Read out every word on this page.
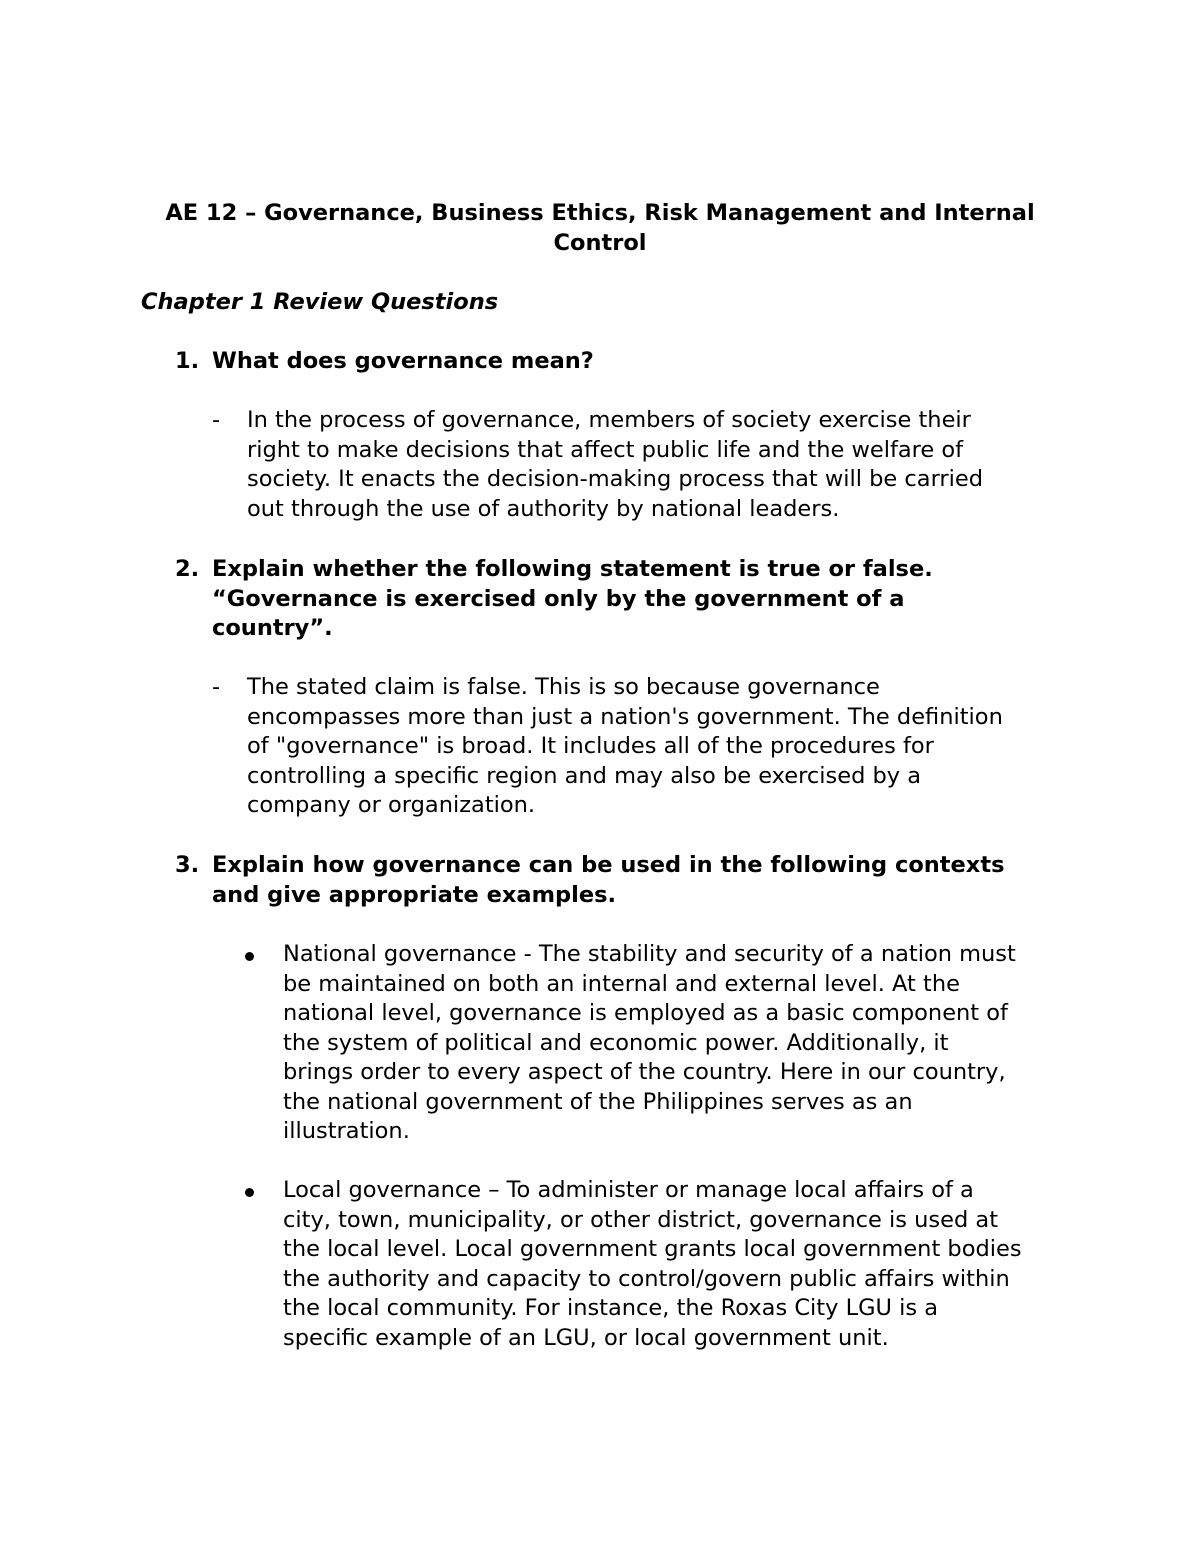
AE 12 – Governance, Business Ethics, Risk Management and Internal
Control
Chapter 1 Review Questions
1. What does governance mean?
- In the process of governance, members of society exercise their
right to make decisions that affect public life and the welfare of
society. It enacts the decision-making process that will be carried
out through the use of authority by national leaders.
2. Explain whether the following statement is true or false.
“Governance is exercised only by the government of a
country”.
- The stated claim is false. This is so because governance
encompasses more than just a nation's government. The definition
of "governance" is broad. It includes all of the procedures for
controlling a specific region and may also be exercised by a
company or organization.
3. Explain how governance can be used in the following contexts
and give appropriate examples.
National governance - The stability and security of a nation must
be maintained on both an internal and external level. At the
national level, governance is employed as a basic component of
the system of political and economic power. Additionally, it
brings order to every aspect of the country. Here in our country,
the national government of the Philippines serves as an
illustration.
Local governance – To administer or manage local affairs of a
city, town, municipality, or other district, governance is used at
the local level. Local government grants local government bodies
the authority and capacity to control/govern public affairs within
the local community. For instance, the Roxas City LGU is a
specific example of an LGU, or local government unit.
